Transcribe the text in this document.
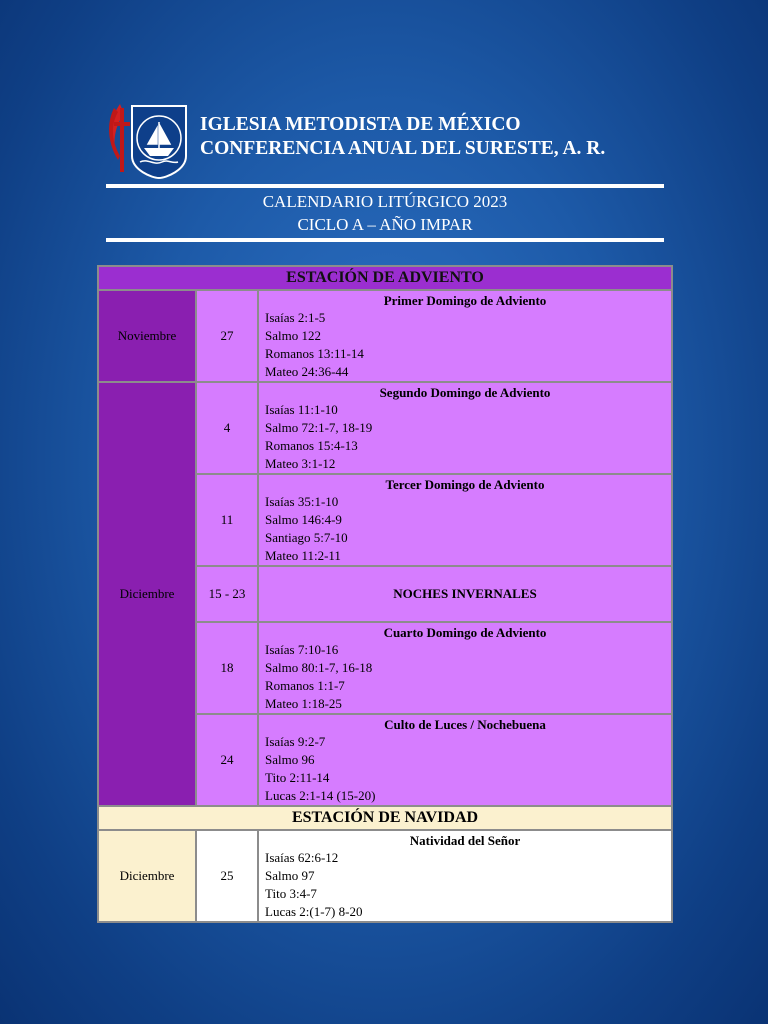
IGLESIA METODISTA DE MÉXICO
CONFERENCIA ANUAL DEL SURESTE, A. R.
CALENDARIO LITÚRGICO 2023
CICLO A – AÑO IMPAR
ESTACIÓN DE ADVIENTO		
Noviembre	27	Primer Domingo de Adviento
Isaías 2:1-5
Salmo 122
Romanos 13:11-14
Mateo 24:36-44

Diciembre	4	Segundo Domingo de Adviento
Isaías 11:1-10
Salmo 72:1-7, 18-19
Romanos 15:4-13
Mateo 3:1-12

	11	Tercer Domingo de Adviento
Isaías 35:1-10
Salmo 146:4-9
Santiago 5:7-10
Mateo 11:2-11

	15 - 23	NOCHES INVERNALES
	18	Cuarto Domingo de Adviento
Isaías 7:10-16
Salmo 80:1-7, 16-18
Romanos 1:1-7
Mateo 1:18-25

	24	Culto de Luces / Nochebuena
Isaías 9:2-7
Salmo 96
Tito 2:11-14
Lucas 2:1-14 (15-20)

ESTACIÓN DE NAVIDAD		
Diciembre	25	Natividad del Señor
Isaías 62:6-12
Salmo 97
Tito 3:4-7
Lucas 2:(1-7) 8-20
